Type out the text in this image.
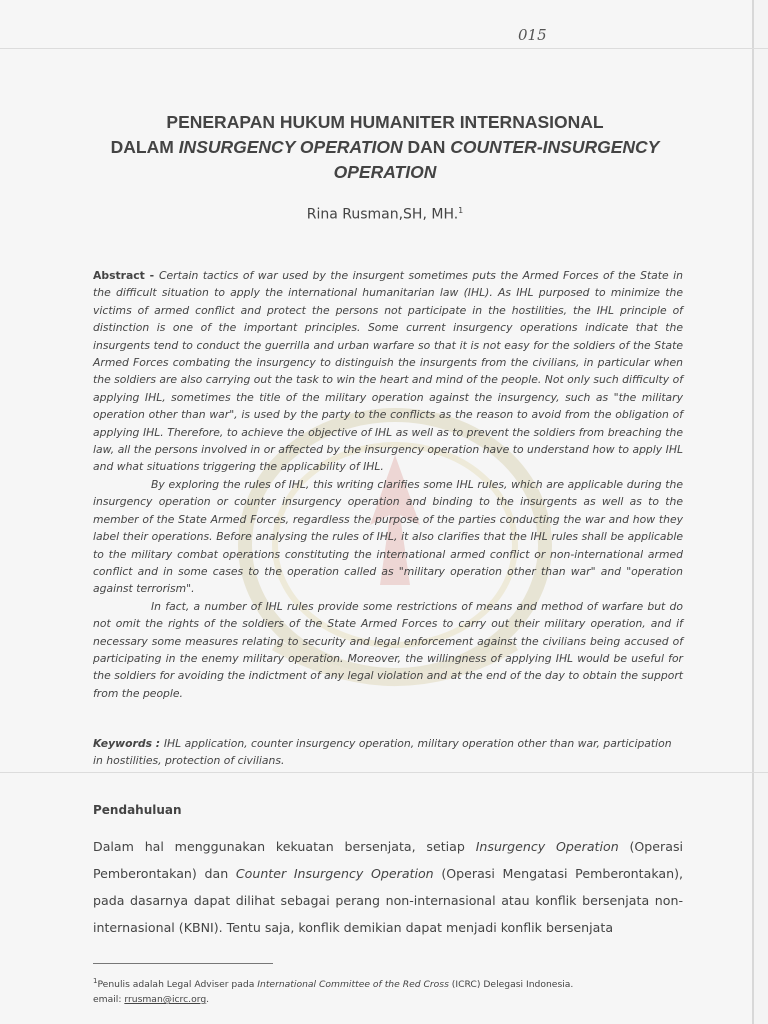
015
PENERAPAN HUKUM HUMANITER INTERNASIONAL
DALAM INSURGENCY OPERATION DAN COUNTER-INSURGENCY
OPERATION
Rina Rusman,SH, MH.$^1$

Abstract - Certain tactics of war used by the insurgent sometimes puts the Armed Forces of the State in the difficult situation to apply the international humanitarian law (IHL). As IHL purposed to minimize the victims of armed conflict and protect the persons not participate in the hostilities, the IHL principle of distinction is one of the important principles. Some current insurgency operations indicate that the insurgents tend to conduct the guerrilla and urban warfare so that it is not easy for the soldiers of the State Armed Forces combating the insurgency to distinguish the insurgents from the civilians, in particular when the soldiers are also carrying out the task to win the heart and mind of the people. Not only such difficulty of applying IHL, sometimes the title of the military operation against the insurgency, such as "the military operation other than war", is used by the party to the conflicts as the reason to avoid from the obligation of applying IHL. Therefore, to achieve the objective of IHL as well as to prevent the soldiers from breaching the law, all the persons involved in or affected by the insurgency operation have to understand how to apply IHL and what situations triggering the applicability of IHL.

By exploring the rules of IHL, this writing clarifies some IHL rules, which are applicable during the insurgency operation or counter insurgency operation and binding to the insurgents as well as to the member of the State Armed Forces, regardless the purpose of the parties conducting the war and how they label their operations. Before analysing the rules of IHL, it also clarifies that the IHL rules shall be applicable to the military combat operations constituting the international armed conflict or non-international armed conflict and in some cases to the operation called as "military operation other than war" and "operation against terrorism".

In fact, a number of IHL rules provide some restrictions of means and method of warfare but do not omit the rights of the soldiers of the State Armed Forces to carry out their military operation, and if necessary some measures relating to security and legal enforcement against the civilians being accused of participating in the enemy military operation. Moreover, the willingness of applying IHL would be useful for the soldiers for avoiding the indictment of any legal violation and at the end of the day to obtain the support from the people.

Keywords : IHL application, counter insurgency operation, military operation other than war, participation in hostilities, protection of civilians.
Pendahuluan
Dalam hal menggunakan kekuatan bersenjata, setiap Insurgency Operation (Operasi Pemberontakan) dan Counter Insurgency Operation (Operasi Mengatasi Pemberontakan), pada dasarnya dapat dilihat sebagai perang non-internasional atau konflik bersenjata non-internasional (KBNI). Tentu saja, konflik demikian dapat menjadi konflik bersenjata
$^1$Penulis adalah Legal Adviser pada International Committee of the Red Cross (ICRC) Delegasi Indonesia.
email: rrusman@icrc.org.
